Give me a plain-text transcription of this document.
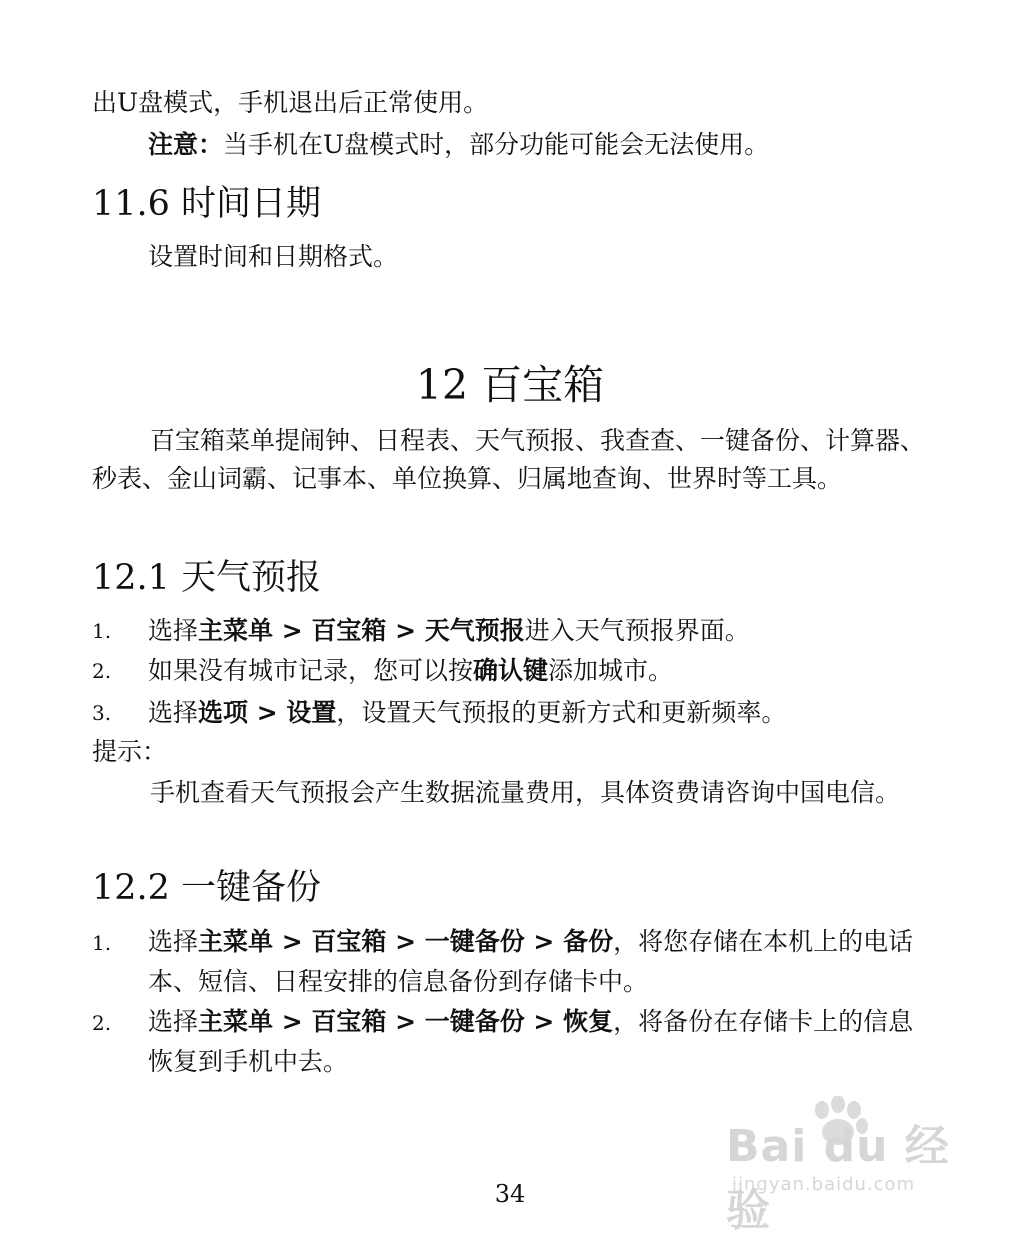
出U盘模式，手机退出后正常使用。
注意：当手机在U盘模式时，部分功能可能会无法使用。
11.6 时间日期
设置时间和日期格式。
12 百宝箱
百宝箱菜单提闹钟、日程表、天气预报、我查查、一键备份、计算器、秒表、金山词霸、记事本、单位换算、归属地查询、世界时等工具。
12.1 天气预报
1. 选择主菜单 > 百宝箱 > 天气预报进入天气预报界面。
2. 如果没有城市记录，您可以按确认键添加城市。
3. 选择选项 > 设置，设置天气预报的更新方式和更新频率。
提示：
手机查看天气预报会产生数据流量费用，具体资费请咨询中国电信。
12.2 一键备份
1. 选择主菜单 > 百宝箱 > 一键备份 > 备份，将您存储在本机上的电话本、短信、日程安排的信息备份到存储卡中。
2. 选择主菜单 > 百宝箱 > 一键备份 > 恢复，将备份在存储卡上的信息恢复到手机中去。
34
Bai du 经验
jingyan.baidu.com
